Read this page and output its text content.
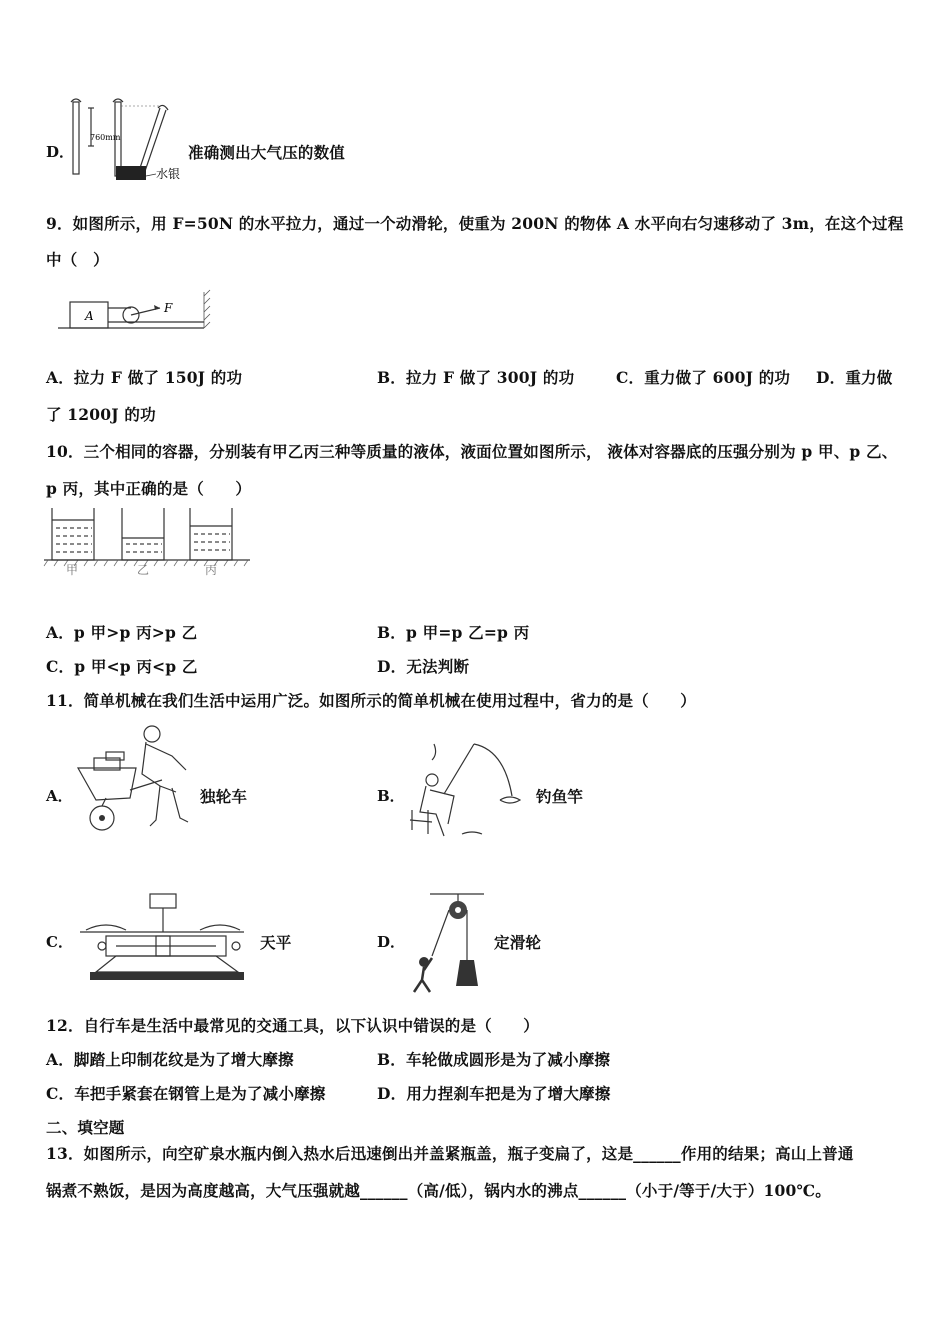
D．
760mm
水银
准确测出大气压的数值
9．如图所示，用 F=50N 的水平拉力，通过一个动滑轮，使重为 200N 的物体 A 水平向右匀速移动了 3m，在这个过程
中（　）
A
F
A．拉力 F 做了 150J 的功	B．拉力 F 做了 300J 的功	C．重力做了 600J 的功 D．重力做
了 1200J 的功
10．三个相同的容器，分别装有甲乙丙三种等质量的液体，液面位置如图所示， 液体对容器底的压强分别为 p 甲、p 乙、
p 丙，其中正确的是（　　）
甲	乙	丙
A．p 甲>p 丙>p 乙	B．p 甲=p 乙=p 丙
C．p 甲<p 丙<p 乙	D．无法判断
11．简单机械在我们生活中运用广泛。如图所示的简单机械在使用过程中，省力的是（　　）
A．	独轮车	B．	钓鱼竿
C．	天平	D．	定滑轮
12．自行车是生活中最常见的交通工具，以下认识中错误的是（　　）
A．脚踏上印制花纹是为了增大摩擦	B．车轮做成圆形是为了减小摩擦
C．车把手紧套在钢管上是为了减小摩擦	D．用力捏刹车把是为了增大摩擦
二、填空题
13．如图所示，向空矿泉水瓶内倒入热水后迅速倒出并盖紧瓶盖，瓶子变扁了，这是______作用的结果；高山上普通
锅煮不熟饭，是因为高度越高，大气压强就越______（高/低），锅内水的沸点______（小于/等于/大于）100℃。
